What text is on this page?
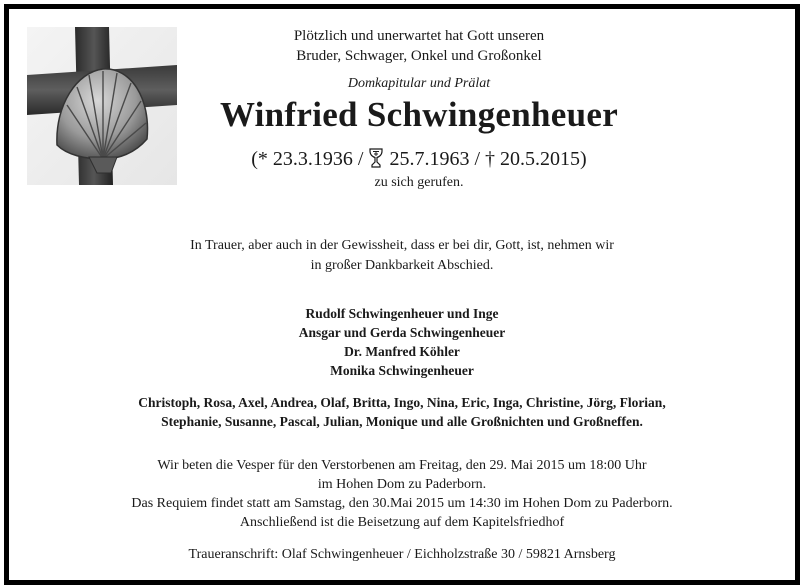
Plötzlich und unerwartet hat Gott unseren
Bruder, Schwager, Onkel und Großonkel
Domkapitular und Prälat
Winfried Schwingenheuer
(* 23.3.1936 / 25.7.1963 / † 20.5.2015)
zu sich gerufen.
In Trauer, aber auch in der Gewissheit, dass er bei dir, Gott, ist, nehmen wir
in großer Dankbarkeit Abschied.
Rudolf Schwingenheuer und Inge
Ansgar und Gerda Schwingenheuer
Dr. Manfred Köhler
Monika Schwingenheuer
Christoph, Rosa, Axel, Andrea, Olaf, Britta, Ingo, Nina, Eric, Inga, Christine, Jörg, Florian,
Stephanie, Susanne, Pascal, Julian, Monique und alle Großnichten und Großneffen.
Wir beten die Vesper für den Verstorbenen am Freitag, den 29. Mai 2015 um 18:00 Uhr
im Hohen Dom zu Paderborn.
Das Requiem findet statt am Samstag, den 30.Mai 2015 um 14:30 im Hohen Dom zu Paderborn.
Anschließend ist die Beisetzung auf dem Kapitelsfriedhof
Traueranschrift: Olaf Schwingenheuer / Eichholzstraße 30 / 59821 Arnsberg
